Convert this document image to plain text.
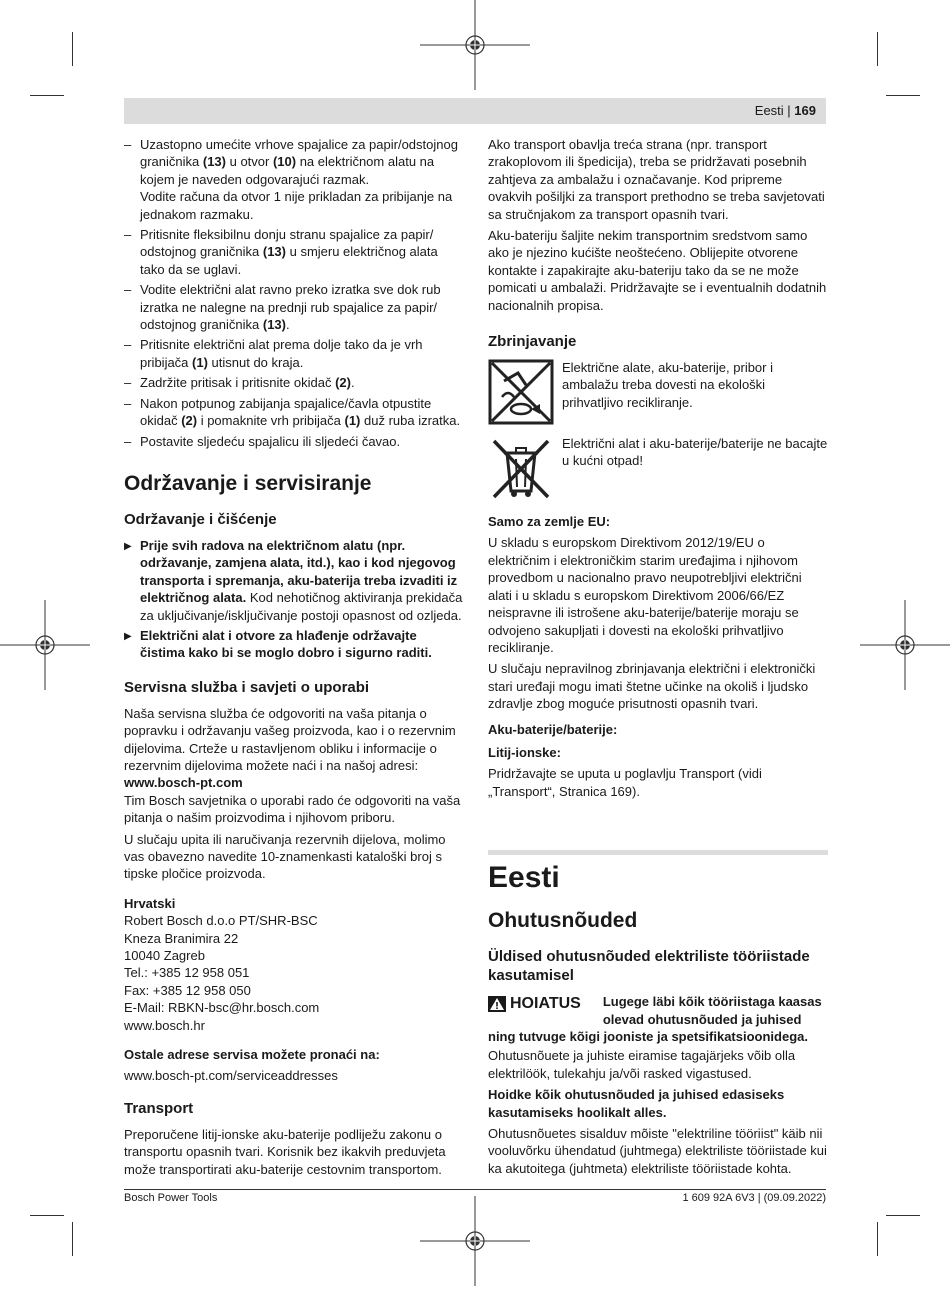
Eesti | 169
– Uzastopno umećite vrhove spajalice za papir/odstojnog graničnika (13) u otvor (10) na električnom alatu na kojem je naveden odgovarajući razmak.
Vodite računa da otvor 1 nije prikladan za pribijanje na jednakom razmaku.
– Pritisnite fleksibilnu donju stranu spajalice za papir/ odstojnog graničnika (13) u smjeru električnog alata tako da se uglavi.
– Vodite električni alat ravno preko izratka sve dok rub izratka ne nalegne na prednji rub spajalice za papir/ odstojnog graničnika (13).
– Pritisnite električni alat prema dolje tako da je vrh pribijača (1) utisnut do kraja.
– Zadržite pritisak i pritisnite okidač (2).
– Nakon potpunog zabijanja spajalice/čavla otpustite okidač (2) i pomaknite vrh pribijača (1) duž ruba izratka.
– Postavite sljedeću spajalicu ili sljedeći čavao.
Održavanje i servisiranje
Održavanje i čišćenje
▶ Prije svih radova na električnom alatu (npr. održavanje, zamjena alata, itd.), kao i kod njegovog transporta i spremanja, aku-baterija treba izvaditi iz električnog alata. Kod nehotičnog aktiviranja prekidača za uključivanje/isključivanje postoji opasnost od ozljeda.
▶ Električni alat i otvore za hlađenje održavajte čistima kako bi se moglo dobro i sigurno raditi.
Servisna služba i savjeti o uporabi

Naša servisna služba će odgovoriti na vaša pitanja o popravku i održavanju vašeg proizvoda, kao i o rezervnim dijelovima. Crteže u rastavljenom obliku i informacije o rezervnim dijelovima možete naći i na našoj adresi:
www.bosch-pt.com
Tim Bosch savjetnika o uporabi rado će odgovoriti na vaša pitanja o našim proizvodima i njihovom priboru.

U slučaju upita ili naručivanja rezervnih dijelova, molimo vas obavezno navedite 10-znamenkasti kataloški broj s tipske pločice proizvoda.

Hrvatski
Robert Bosch d.o.o PT/SHR-BSC
Kneza Branimira 22
10040 Zagreb
Tel.: +385 12 958 051
Fax: +385 12 958 050
E-Mail: RBKN-bsc@hr.bosch.com
www.bosch.hr
Ostale adrese servisa možete pronaći na:

www.bosch-pt.com/serviceaddresses

Transport

Preporučene litij-ionske aku-baterije podliježu zakonu o transportu opasnih tvari. Korisnik bez ikakvih preduvjeta može transportirati aku-baterije cestovnim transportom.

Ako transport obavlja treća strana (npr. transport zrakoplovom ili špedicija), treba se pridržavati posebnih zahtjeva za ambalažu i označavanje. Kod pripreme ovakvih pošiljki za transport prethodno se treba savjetovati sa stručnjakom za transport opasnih tvari.

Aku-bateriju šaljite nekim transportnim sredstvom samo ako je njezino kućište neoštećeno. Oblijepite otvorene kontakte i zapakirajte aku-bateriju tako da se ne može pomicati u ambalaži. Pridržavajte se i eventualnih dodatnih nacionalnih propisa.

Zbrinjavanje
Električne alate, aku-baterije, pribor i ambalažu treba dovesti na ekološki prihvatljivo recikliranje.
Električni alat i aku-baterije/baterije ne bacajte u kućni otpad!
Samo za zemlje EU:

U skladu s europskom Direktivom 2012/19/EU o električnim i elektroničkim starim uređajima i njihovom provedbom u nacionalno pravo neupotrebljivi električni alati i u skladu s europskom Direktivom 2006/66/EZ neispravne ili istrošene aku-baterije/baterije moraju se odvojeno sakupljati i dovesti na ekološki prihvatljivo recikliranje.

U slučaju nepravilnog zbrinjavanja električni i elektronički stari uređaji mogu imati štetne učinke na okoliš i ljudsko zdravlje zbog moguće prisutnosti opasnih tvari.

Aku-baterije/baterije:
Litij-ionske:

Pridržavajte se uputa u poglavlju Transport (vidi „Transport“, Stranica 169).

Eesti
Ohutusnõuded
Üldised ohutusnõuded elektriliste tööriistade kasutamisel
HOIATUS Lugege läbi kõik tööriistaga kaasas olevad ohutusnõuded ja juhised ning tutvuge kõigi jooniste ja spetsifikatsioonidega.

Ohutusnõuete ja juhiste eiramise tagajärjeks võib olla elektrilöök, tulekahju ja/või rasked vigastused.

Hoidke kõik ohutusnõuded ja juhised edasiseks kasutamiseks hoolikalt alles.

Ohutusnõuetes sisalduv mõiste "elektriline tööriist" käib nii vooluvõrku ühendatud (juhtmega) elektriliste tööriistade kui ka akutoitega (juhtmeta) elektriliste tööriistade kohta.

Bosch Power Tools	1 609 92A 6V3 | (09.09.2022)
